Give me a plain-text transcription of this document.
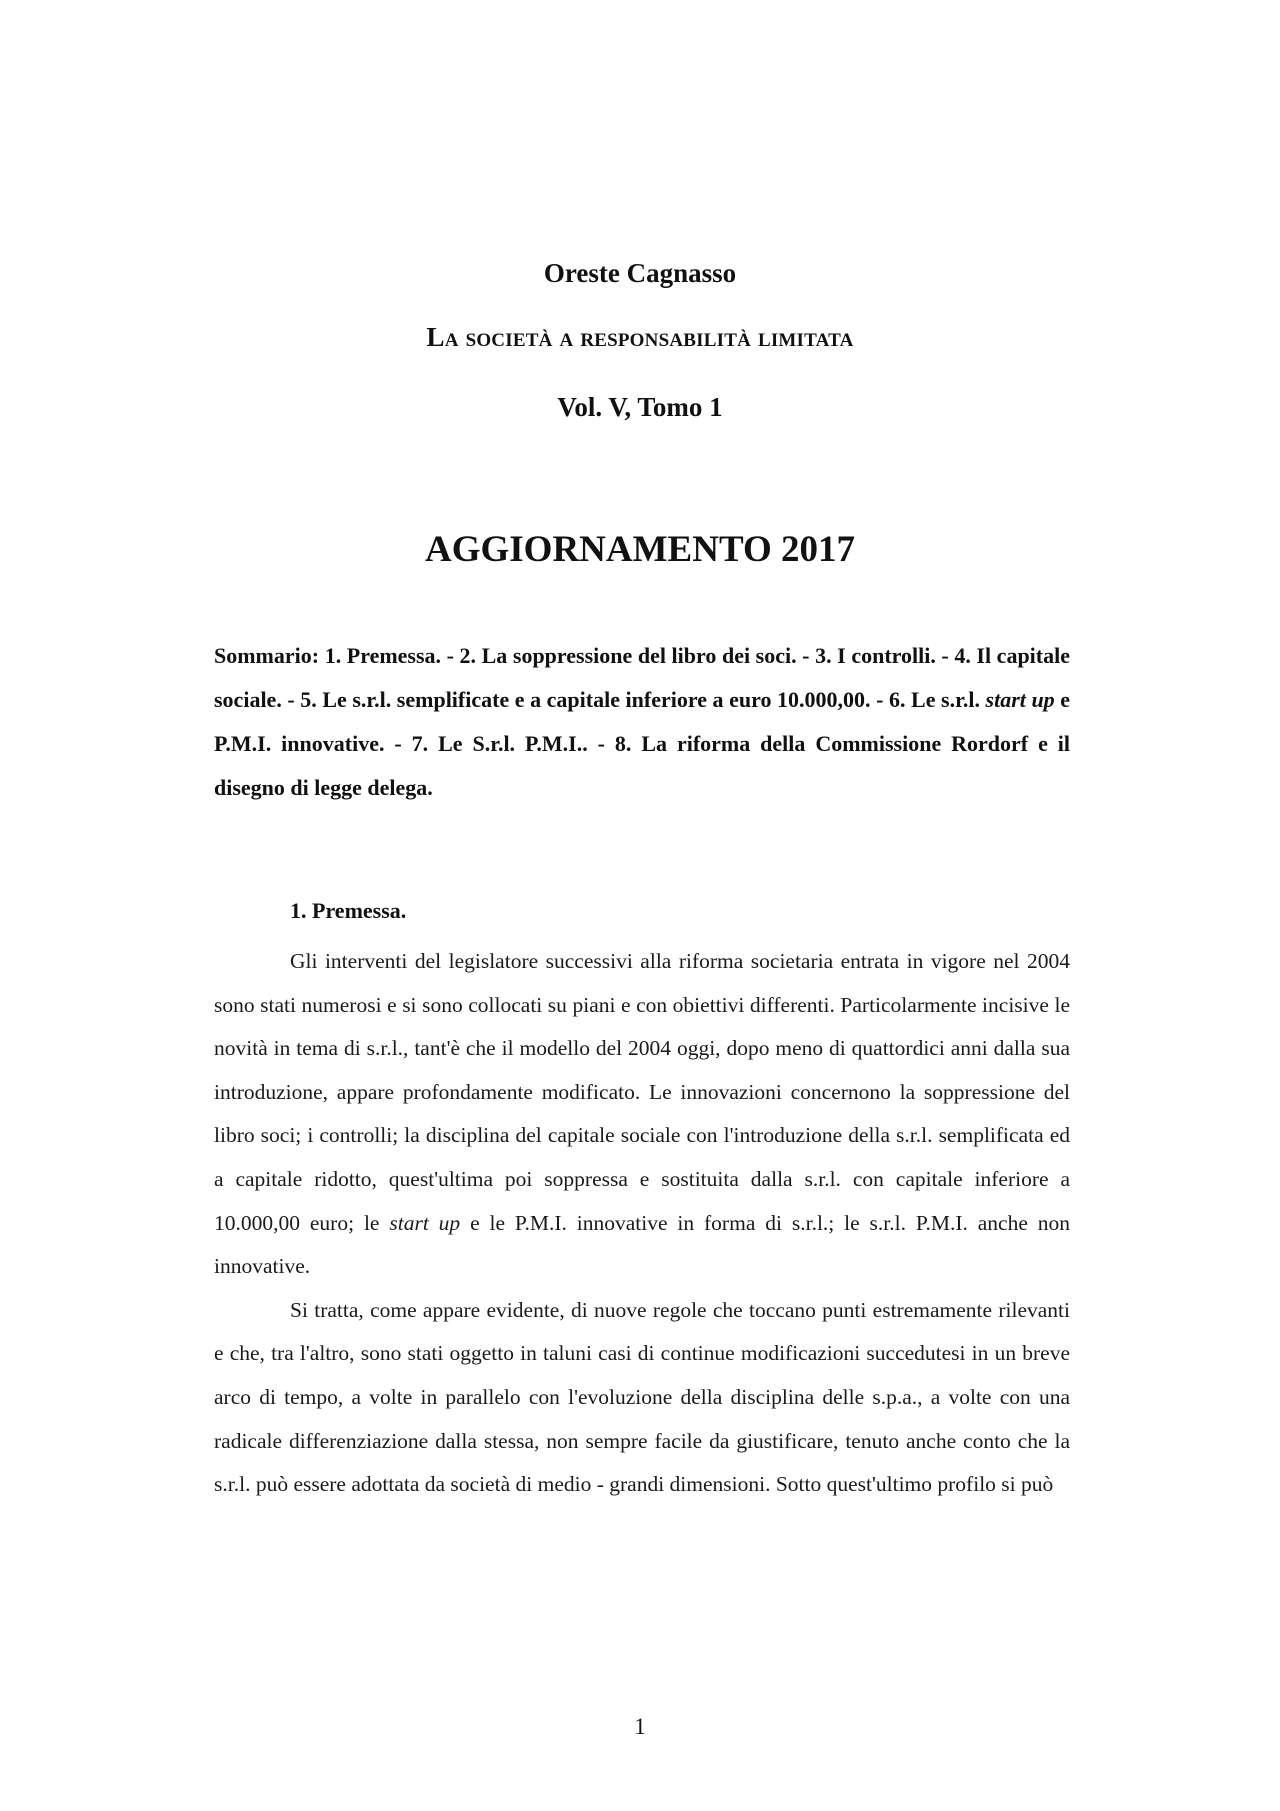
Oreste Cagnasso
La società a responsabilità limitata
Vol. V, Tomo 1
AGGIORNAMENTO 2017
Sommario: 1. Premessa. - 2. La soppressione del libro dei soci. - 3. I controlli. - 4. Il capitale sociale. - 5. Le s.r.l. semplificate e a capitale inferiore a euro 10.000,00. - 6. Le s.r.l. start up e P.M.I. innovative. - 7. Le S.r.l. P.M.I.. - 8. La riforma della Commissione Rordorf e il disegno di legge delega.
1. Premessa.

Gli interventi del legislatore successivi alla riforma societaria entrata in vigore nel 2004 sono stati numerosi e si sono collocati su piani e con obiettivi differenti. Particolarmente incisive le novità in tema di s.r.l., tant'è che il modello del 2004 oggi, dopo meno di quattordici anni dalla sua introduzione, appare profondamente modificato. Le innovazioni concernono la soppressione del libro soci; i controlli; la disciplina del capitale sociale con l'introduzione della s.r.l. semplificata ed a capitale ridotto, quest'ultima poi soppressa e sostituita dalla s.r.l. con capitale inferiore a 10.000,00 euro; le start up e le P.M.I. innovative in forma di s.r.l.; le s.r.l. P.M.I. anche non innovative.

Si tratta, come appare evidente, di nuove regole che toccano punti estremamente rilevanti e che, tra l'altro, sono stati oggetto in taluni casi di continue modificazioni succedutesi in un breve arco di tempo, a volte in parallelo con l'evoluzione della disciplina delle s.p.a., a volte con una radicale differenziazione dalla stessa, non sempre facile da giustificare, tenuto anche conto che la s.r.l. può essere adottata da società di medio - grandi dimensioni. Sotto quest'ultimo profilo si può

1
